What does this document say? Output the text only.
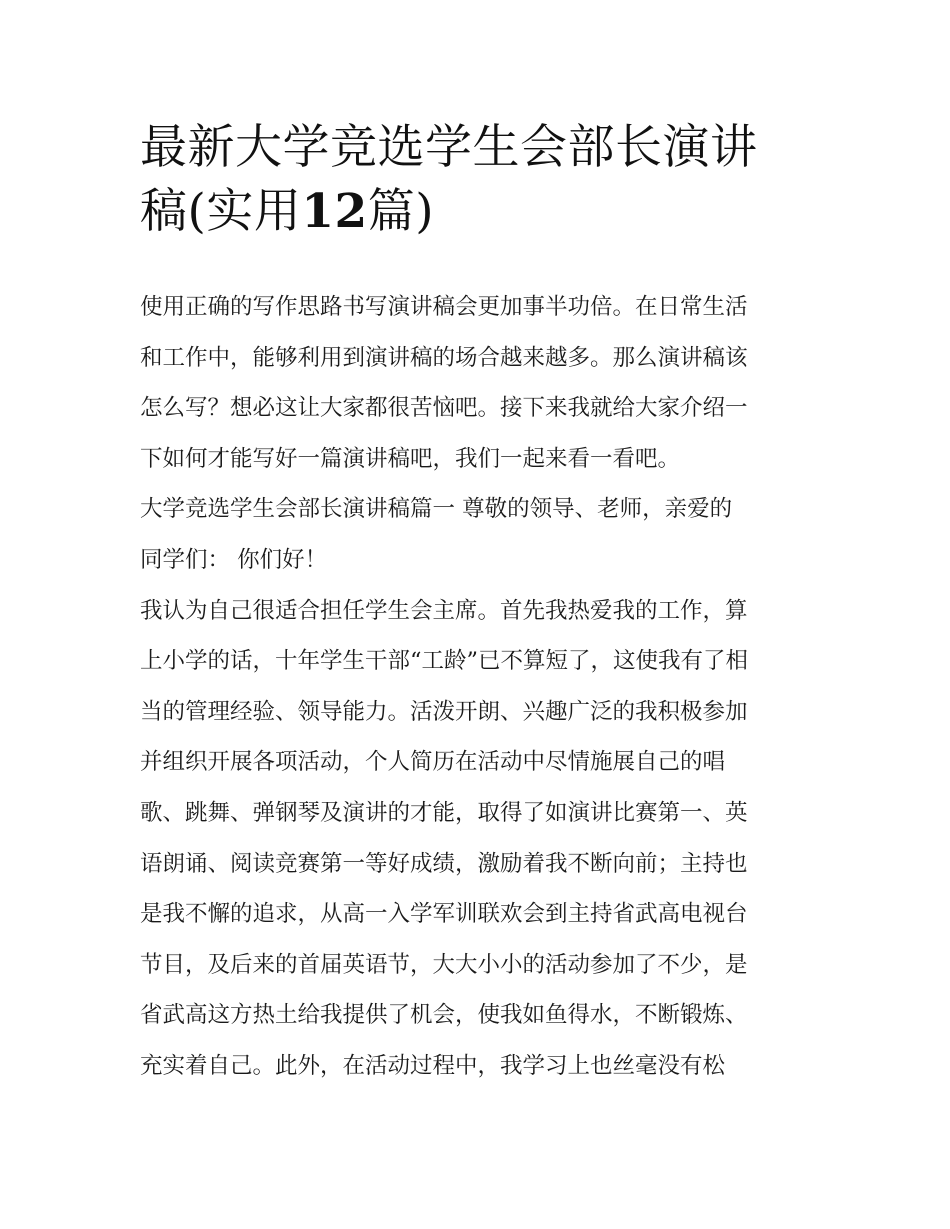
最新大学竞选学生会部长演讲
稿(实用12篇)
使用正确的写作思路书写演讲稿会更加事半功倍。在日常生活
和工作中，能够利用到演讲稿的场合越来越多。那么演讲稿该
怎么写？想必这让大家都很苦恼吧。接下来我就给大家介绍一
下如何才能写好一篇演讲稿吧，我们一起来看一看吧。
大学竞选学生会部长演讲稿篇一 尊敬的领导、老师，亲爱的
同学们： 你们好！
我认为自己很适合担任学生会主席。首先我热爱我的工作，算
上小学的话，十年学生干部“工龄”已不算短了，这使我有了相
当的管理经验、领导能力。活泼开朗、兴趣广泛的我积极参加
并组织开展各项活动，个人简历在活动中尽情施展自己的唱
歌、跳舞、弹钢琴及演讲的才能，取得了如演讲比赛第一、英
语朗诵、阅读竞赛第一等好成绩，激励着我不断向前；主持也
是我不懈的追求，从高一入学军训联欢会到主持省武高电视台
节目，及后来的首届英语节，大大小小的活动参加了不少，是
省武高这方热土给我提供了机会，使我如鱼得水，不断锻炼、
充实着自己。此外，在活动过程中，我学习上也丝毫没有松
